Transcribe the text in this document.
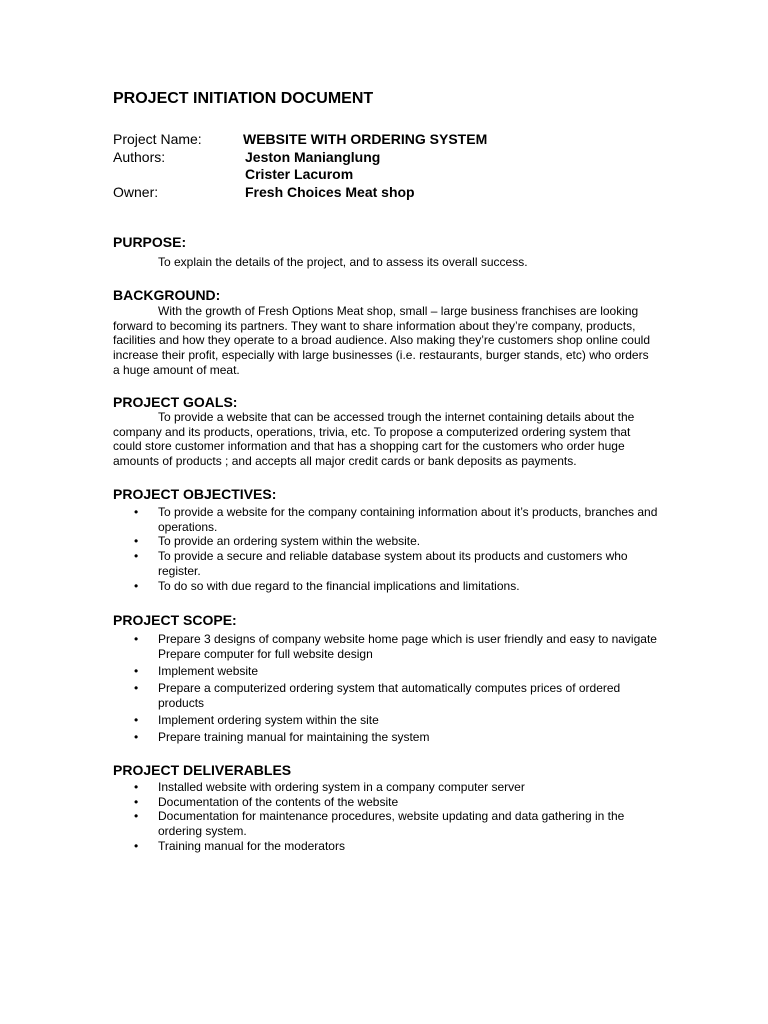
PROJECT INITIATION DOCUMENT
Project Name:	WEBSITE WITH ORDERING SYSTEM
Authors:	Jeston Manianglung
Crister Lacurom
Owner:	Fresh Choices Meat shop
PURPOSE:
To explain the details of the project, and to assess its overall success.
BACKGROUND:
With the growth of Fresh Options Meat shop, small – large business franchises are looking forward to becoming its partners. They want to share information about they’re company, products, facilities and how they operate to a broad audience. Also making they’re customers shop online could increase their profit, especially with large businesses (i.e. restaurants, burger stands, etc) who orders a huge amount of meat.
PROJECT GOALS:
To provide a website that can be accessed trough the internet containing details about the company and its products, operations, trivia, etc. To propose a computerized ordering system that could store customer information and that has a shopping cart for the customers who order huge amounts of products ; and accepts all major credit cards or bank deposits as payments.
PROJECT OBJECTIVES:
• To provide a website for the company containing information about it’s products, branches and operations.
• To provide an ordering system within the website.
• To provide a secure and reliable database system about its products and customers who register.
• To do so with due regard to the financial implications and limitations.
PROJECT SCOPE:
• Prepare 3 designs of company website home page which is user friendly and easy to navigate Prepare computer for full website design
• Implement website
• Prepare a computerized ordering system that automatically computes prices of ordered products
• Implement ordering system within the site
• Prepare training manual for maintaining the system
PROJECT DELIVERABLES
• Installed website with ordering system in a company computer server
• Documentation of the contents of the website
• Documentation for maintenance procedures, website updating and data gathering in the ordering system.
• Training manual for the moderators
